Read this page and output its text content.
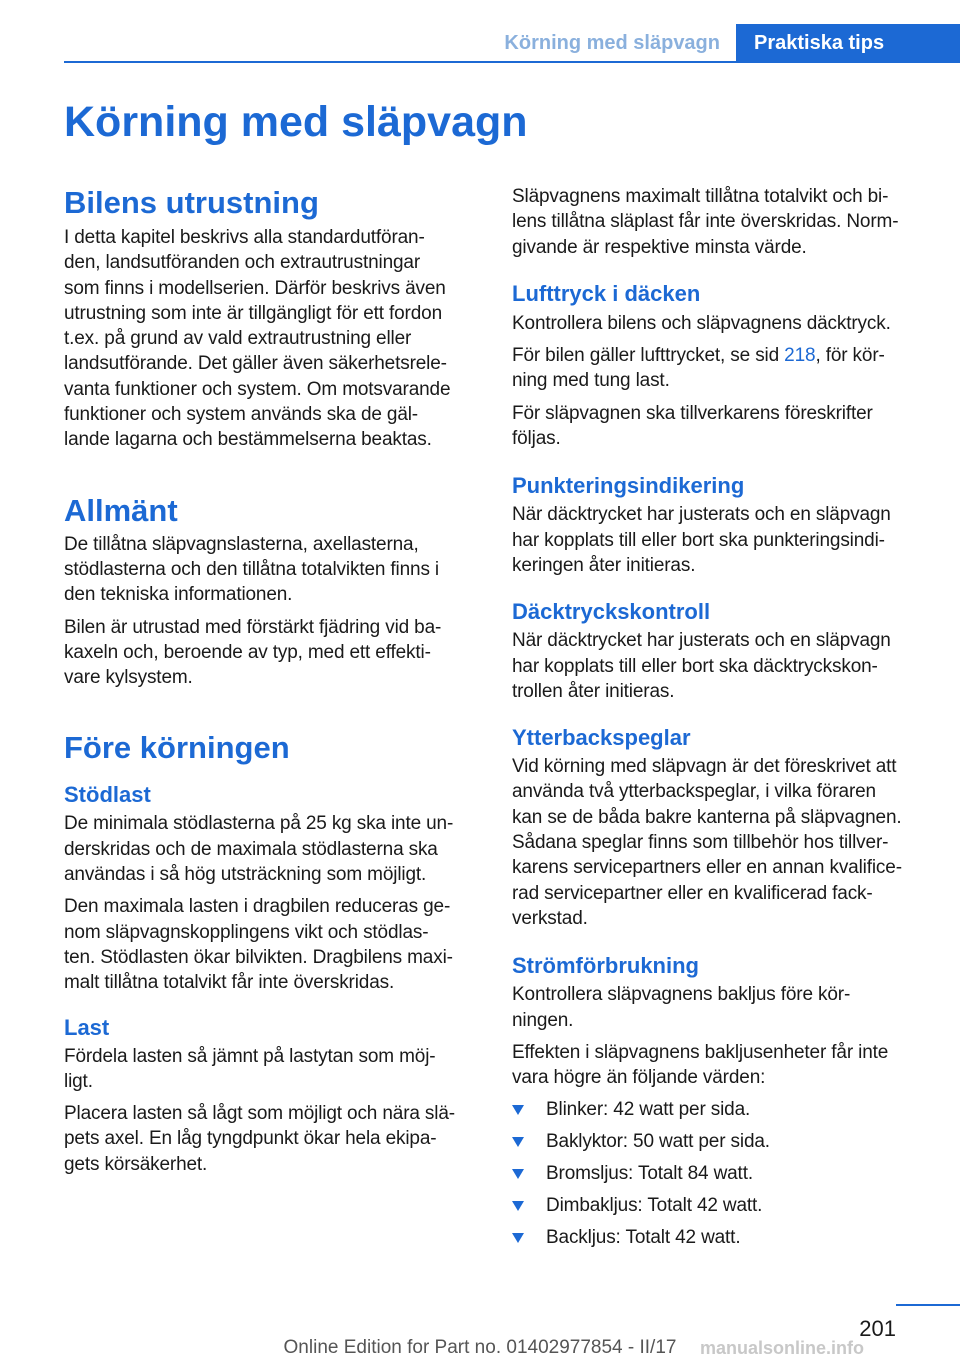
Körning med släpvagn	Praktiska tips
Körning med släpvagn
Bilens utrustning
I detta kapitel beskrivs alla standardutföran-
den, landsutföranden och extrautrustningar
som finns i modellserien. Därför beskrivs även
utrustning som inte är tillgängligt för ett fordon
t.ex. på grund av vald extrautrustning eller
landsutförande. Det gäller även säkerhetsrele-
vanta funktioner och system. Om motsvarande
funktioner och system används ska de gäl-
lande lagarna och bestämmelserna beaktas.
Allmänt
De tillåtna släpvagnslasterna, axellasterna,
stödlasterna och den tillåtna totalvikten finns i
den tekniska informationen.
Bilen är utrustad med förstärkt fjädring vid ba-
kaxeln och, beroende av typ, med ett effekti-
vare kylsystem.
Före körningen
Stödlast
De minimala stödlasterna på 25 kg ska inte un-
derskridas och de maximala stödlasterna ska
användas i så hög utsträckning som möjligt.
Den maximala lasten i dragbilen reduceras ge-
nom släpvagnskopplingens vikt och stödlas-
ten. Stödlasten ökar bilvikten. Dragbilens maxi-
malt tillåtna totalvikt får inte överskridas.
Last
Fördela lasten så jämnt på lastytan som möj-
ligt.
Placera lasten så lågt som möjligt och nära slä-
pets axel. En låg tyngdpunkt ökar hela ekipa-
gets körsäkerhet.
Släpvagnens maximalt tillåtna totalvikt och bi-
lens tillåtna släplast får inte överskridas. Norm-
givande är respektive minsta värde.
Lufttryck i däcken
Kontrollera bilens och släpvagnens däcktryck.
För bilen gäller lufttrycket, se sid 218, för kör-
ning med tung last.
För släpvagnen ska tillverkarens föreskrifter
följas.
Punkteringsindikering
När däcktrycket har justerats och en släpvagn
har kopplats till eller bort ska punkteringsindi-
keringen åter initieras.
Däcktryckskontroll
När däcktrycket har justerats och en släpvagn
har kopplats till eller bort ska däcktryckskon-
trollen åter initieras.
Ytterbackspeglar
Vid körning med släpvagn är det föreskrivet att
använda två ytterbackspeglar, i vilka föraren
kan se de båda bakre kanterna på släpvagnen.
Sådana speglar finns som tillbehör hos tillver-
karens servicepartners eller en annan kvalifice-
rad servicepartner eller en kvalificerad fack-
verkstad.
Strömförbrukning
Kontrollera släpvagnens bakljus före kör-
ningen.
Effekten i släpvagnens bakljusenheter får inte
vara högre än följande värden:
Blinker: 42 watt per sida.
Baklyktor: 50 watt per sida.
Bromsljus: Totalt 84 watt.
Dimbakljus: Totalt 42 watt.
Backljus: Totalt 42 watt.
201
Online Edition for Part no. 01402977854 - II/17	manualsonline.info
